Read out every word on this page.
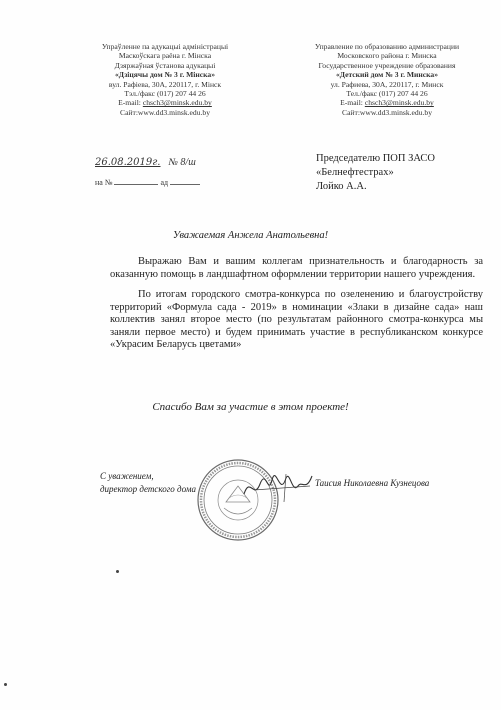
Упраўленне па адукацыі адміністрацыі
Маскоўскага раёна г. Мінска
Дзяржаўная ўстанова адукацыі
«Дзіцячы дом № 3 г. Мінска»
вул. Рафіева, 30А, 220117, г. Мінск
Тэл./факс (017) 207 44 26
E-mail: chsch3@minsk.edu.by
Сайт:www.dd3.minsk.edu.by
Управление по образованию администрации
Московского района г. Минска
Государственное учреждение образования
«Детский дом № 3 г. Минска»
ул. Рафиева, 30А, 220117, г. Минск
Тел./факс (017) 207 44 26
E-mail: chsch3@minsk.edu.by
Сайт:www.dd3.minsk.edu.by
26.08.2019г. № 8/ш
на №	ад
Председателю ПОП ЗАСО
«Белнефтестрах»
Лойко А.А.
Уважаемая Анжела Анатольевна!

Выражаю Вам и вашим коллегам признательность и благодарность за оказанную помощь в ландшафтном оформлении территории нашего учреждения.

По итогам городского смотра-конкурса по озеленению и благоустройству территорий «Формула сада - 2019» в номинации «Злаки в дизайне сада» наш коллектив занял второе место (по результатам районного смотра-конкурса мы заняли первое место) и будем принимать участие в республиканском конкурсе «Украсим Беларусь цветами»

Спасибо Вам за участие в этом проекте!
С уважением,
директор детского дома
Таисия Николаевна Кузнецова
